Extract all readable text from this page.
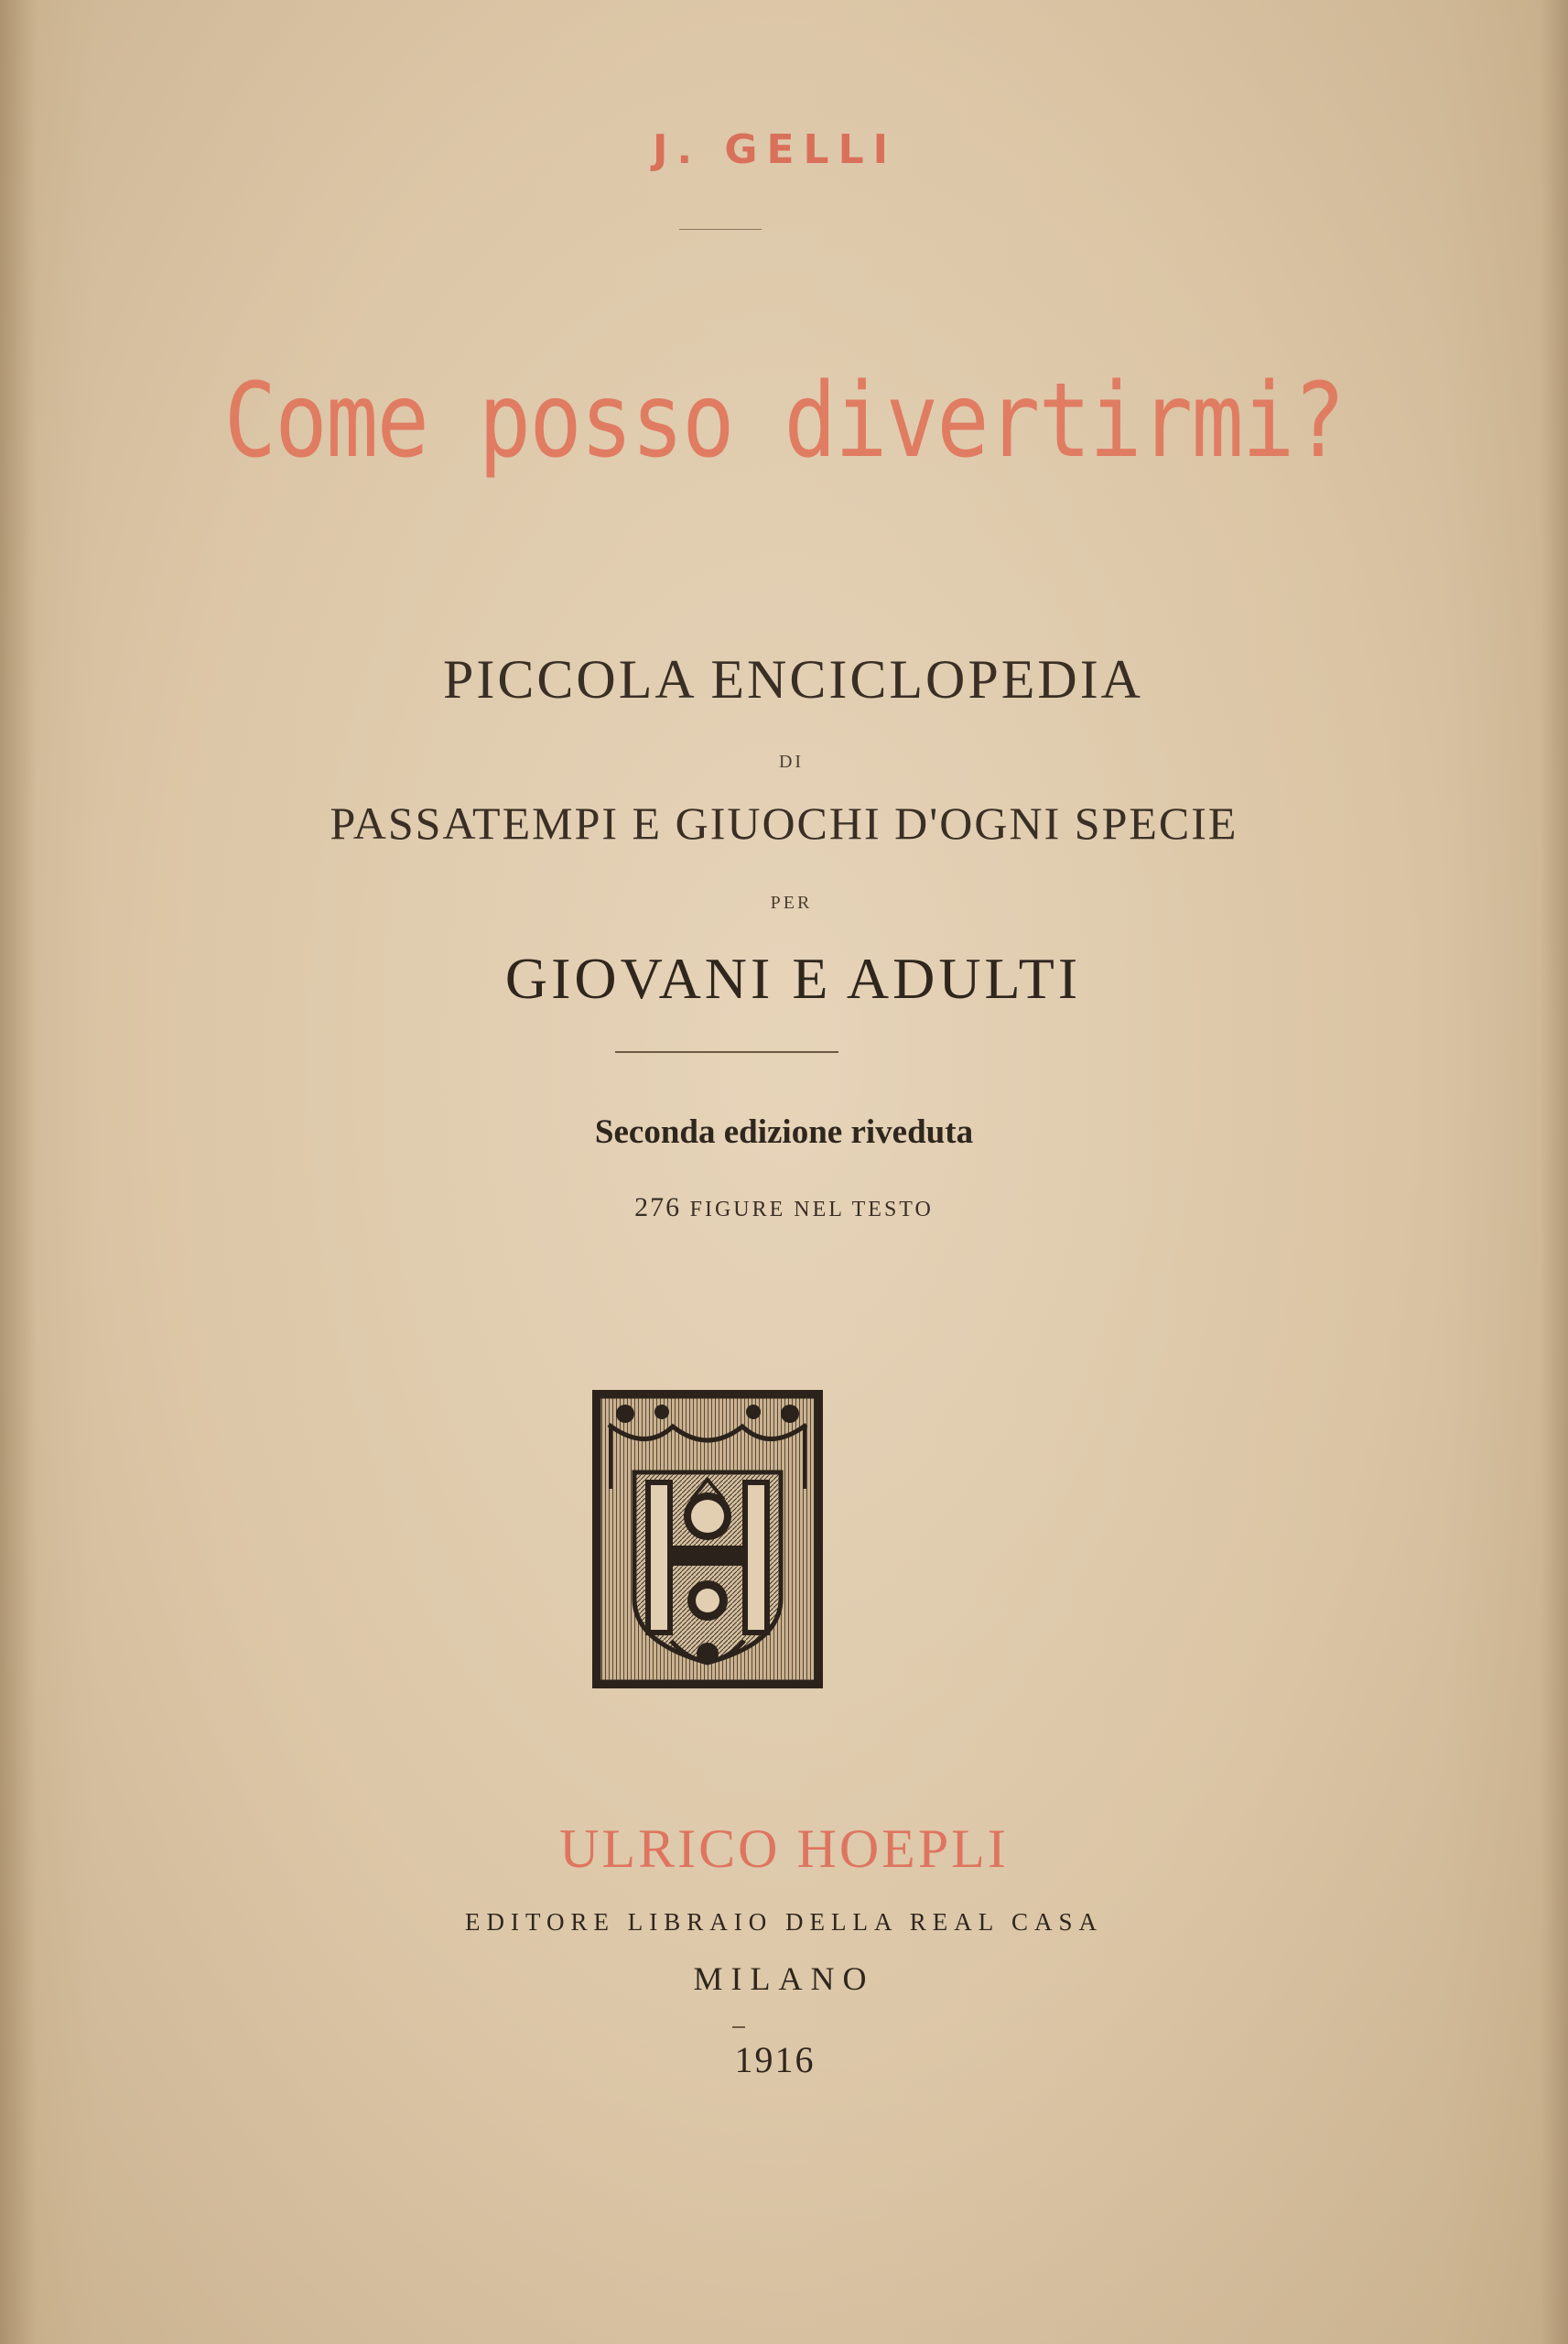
J. GELLI

Come posso divertirmi?

PICCOLA ENCICLOPEDIA

DI

PASSATEMPI E GIUOCHI D'OGNI SPECIE

PER

GIOVANI E ADULTI

Seconda edizione riveduta

276 FIGURE NEL TESTO

ULRICO HOEPLI

EDITORE LIBRAIO DELLA REAL CASA

MILANO

1916
